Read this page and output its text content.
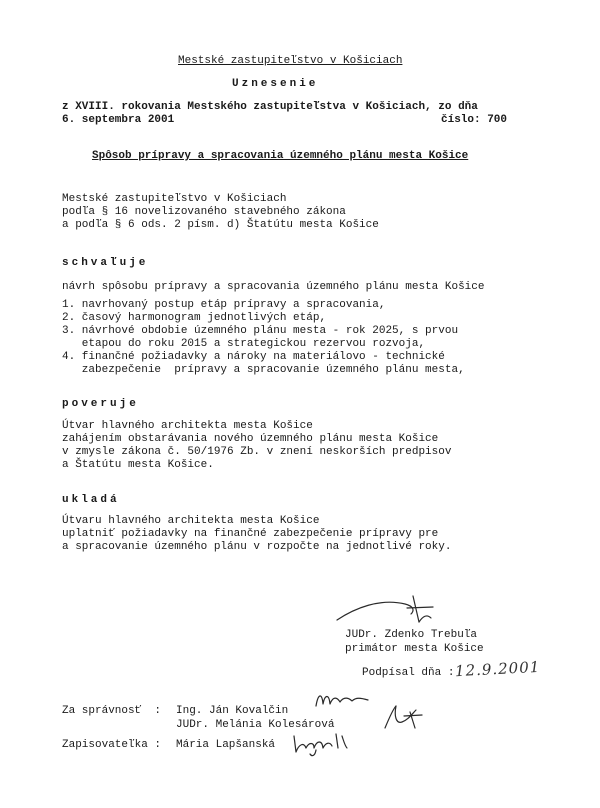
Mestské zastupiteľstvo v Košiciach
Uznesenie
z XVIII. rokovania Mestského zastupiteľstva v Košiciach, zo dňa
6. septembra 2001	číslo: 700
Spôsob prípravy a spracovania územného plánu mesta Košice
Mestské zastupiteľstvo v Košiciach
podľa § 16 novelizovaného stavebného zákona
a podľa § 6 ods. 2 písm. d) Štatútu mesta Košice
schvaľuje
návrh spôsobu prípravy a spracovania územného plánu mesta Košice
1. navrhovaný postup etáp prípravy a spracovania,
2. časový harmonogram jednotlivých etáp,
3. návrhové obdobie územného plánu mesta - rok 2025, s prvou
etapou do roku 2015 a strategickou rezervou rozvoja,
4. finančné požiadavky a nároky na materiálovo - technické
zabezpečenie  prípravy a spracovanie územného plánu mesta,
poveruje
Útvar hlavného architekta mesta Košice
zahájením obstarávania nového územného plánu mesta Košice
v zmysle zákona č. 50/1976 Zb. v znení neskorších predpisov
a Štatútu mesta Košice.
ukladá
Útvaru hlavného architekta mesta Košice
uplatniť požiadavky na finančné zabezpečenie prípravy pre
a spracovanie územného plánu v rozpočte na jednotlivé roky.
JUDr. Zdenko Trebuľa
primátor mesta Košice
Podpísal dňa : 12.9.2001
Za správnosť  : Ing. Ján Kovalčin
JUDr. Melánia Kolesárová
Zapisovateľka : Mária Lapšanská
